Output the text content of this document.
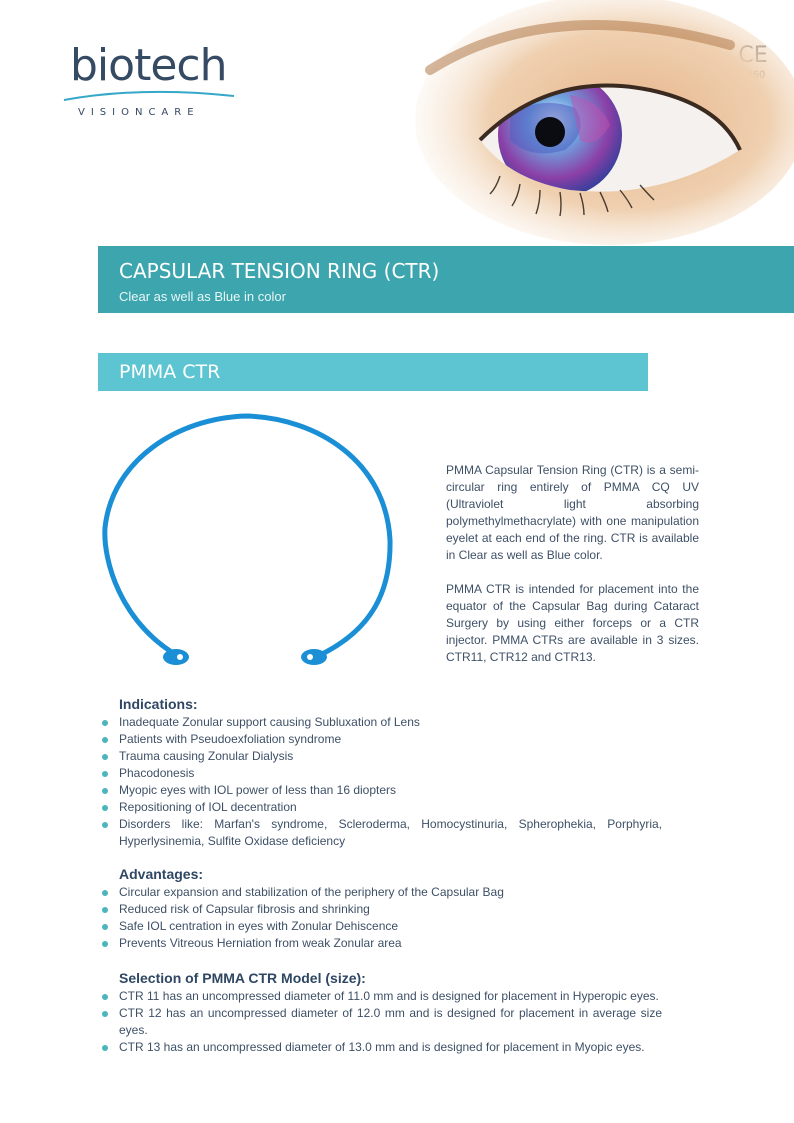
biotech
VISIONCARE
CAPSULAR TENSION RING (CTR)
Clear as well as Blue in color
PMMA CTR

PMMA Capsular Tension Ring (CTR) is a semi-circular ring entirely of PMMA CQ UV (Ultraviolet light absorbing polymethylmethacrylate) with one manipulation eyelet at each end of the ring. CTR is available in Clear as well as Blue color.

PMMA CTR is intended for placement into the equator of the Capsular Bag during Cataract Surgery by using either forceps or a CTR injector. PMMA CTRs are available in 3 sizes. CTR11, CTR12 and CTR13.

Indications:
Inadequate Zonular support causing Subluxation of Lens
Patients with Pseudoexfoliation syndrome
Trauma causing Zonular Dialysis
Phacodonesis
Myopic eyes with IOL power of less than 16 diopters
Repositioning of IOL decentration
Disorders like: Marfan's syndrome, Scleroderma, Homocystinuria, Spherophekia, Porphyria, Hyperlysinemia, Sulfite Oxidase deficiency
Advantages:
Circular expansion and stabilization of the periphery of the Capsular Bag
Reduced risk of Capsular fibrosis and shrinking
Safe IOL centration in eyes with Zonular Dehiscence
Prevents Vitreous Herniation from weak Zonular area
Selection of PMMA CTR Model (size):
CTR 11 has an uncompressed diameter of 11.0 mm and is designed for placement in Hyperopic eyes.
CTR 12 has an uncompressed diameter of 12.0 mm and is designed for placement in average size eyes.
CTR 13 has an uncompressed diameter of 13.0 mm and is designed for placement in Myopic eyes.
